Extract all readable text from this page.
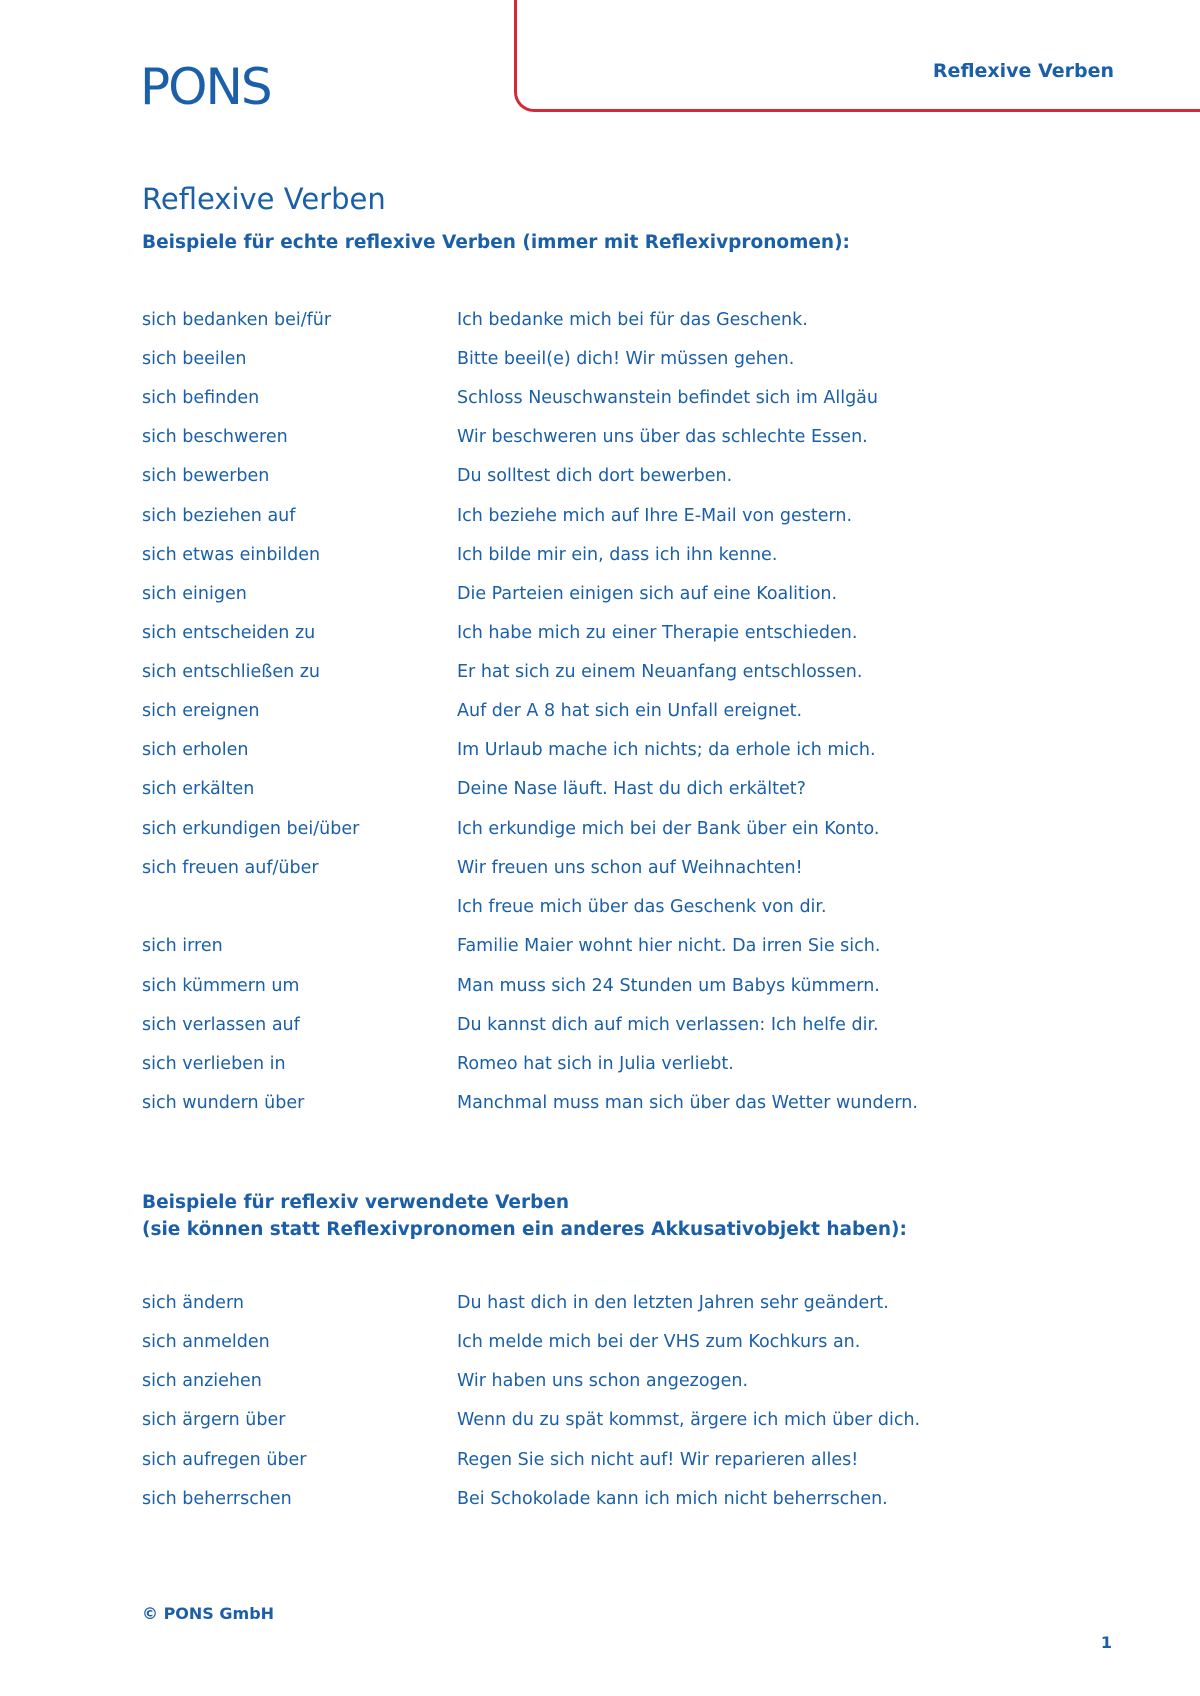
PONS	Reflexive Verben
Reflexive Verben
Beispiele für echte reflexive Verben (immer mit Reflexivpronomen):
sich bedanken bei/für	Ich bedanke mich bei für das Geschenk.
sich beeilen	Bitte beeil(e) dich! Wir müssen gehen.
sich befinden	Schloss Neuschwanstein befindet sich im Allgäu
sich beschweren	Wir beschweren uns über das schlechte Essen.
sich bewerben	Du solltest dich dort bewerben.
sich beziehen auf	Ich beziehe mich auf Ihre E-Mail von gestern.
sich etwas einbilden	Ich bilde mir ein, dass ich ihn kenne.
sich einigen	Die Parteien einigen sich auf eine Koalition.
sich entscheiden zu	Ich habe mich zu einer Therapie entschieden.
sich entschließen zu	Er hat sich zu einem Neuanfang entschlossen.
sich ereignen	Auf der A 8 hat sich ein Unfall ereignet.
sich erholen	Im Urlaub mache ich nichts; da erhole ich mich.
sich erkälten	Deine Nase läuft. Hast du dich erkältet?
sich erkundigen bei/über	Ich erkundige mich bei der Bank über ein Konto.
sich freuen auf/über	Wir freuen uns schon auf Weihnachten!
Ich freue mich über das Geschenk von dir.
sich irren	Familie Maier wohnt hier nicht. Da irren Sie sich.
sich kümmern um	Man muss sich 24 Stunden um Babys kümmern.
sich verlassen auf	Du kannst dich auf mich verlassen: Ich helfe dir.
sich verlieben in	Romeo hat sich in Julia verliebt.
sich wundern über	Manchmal muss man sich über das Wetter wundern.
Beispiele für reflexiv verwendete Verben
(sie können statt Reflexivpronomen ein anderes Akkusativobjekt haben):
sich ändern	Du hast dich in den letzten Jahren sehr geändert.
sich anmelden	Ich melde mich bei der VHS zum Kochkurs an.
sich anziehen	Wir haben uns schon angezogen.
sich ärgern über	Wenn du zu spät kommst, ärgere ich mich über dich.
sich aufregen über	Regen Sie sich nicht auf! Wir reparieren alles!
sich beherrschen	Bei Schokolade kann ich mich nicht beherrschen.
© PONS GmbH
1
